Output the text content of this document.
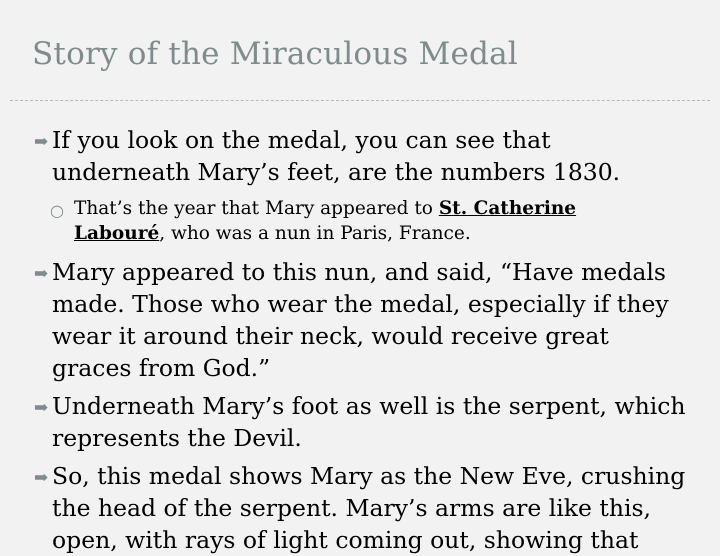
Story of the Miraculous Medal
➡ If you look on the medal, you can see that underneath Mary’s feet, are the numbers 1830.
○ That’s the year that Mary appeared to St. Catherine Labouré, who was a nun in Paris, France.
➡ Mary appeared to this nun, and said, “Have medals made. Those who wear the medal, especially if they wear it around their neck, would receive great graces from God.”
➡ Underneath Mary’s foot as well is the serpent, which represents the Devil.
➡ So, this medal shows Mary as the New Eve, crushing the head of the serpent. Mary’s arms are like this, open, with rays of light coming out, showing that
